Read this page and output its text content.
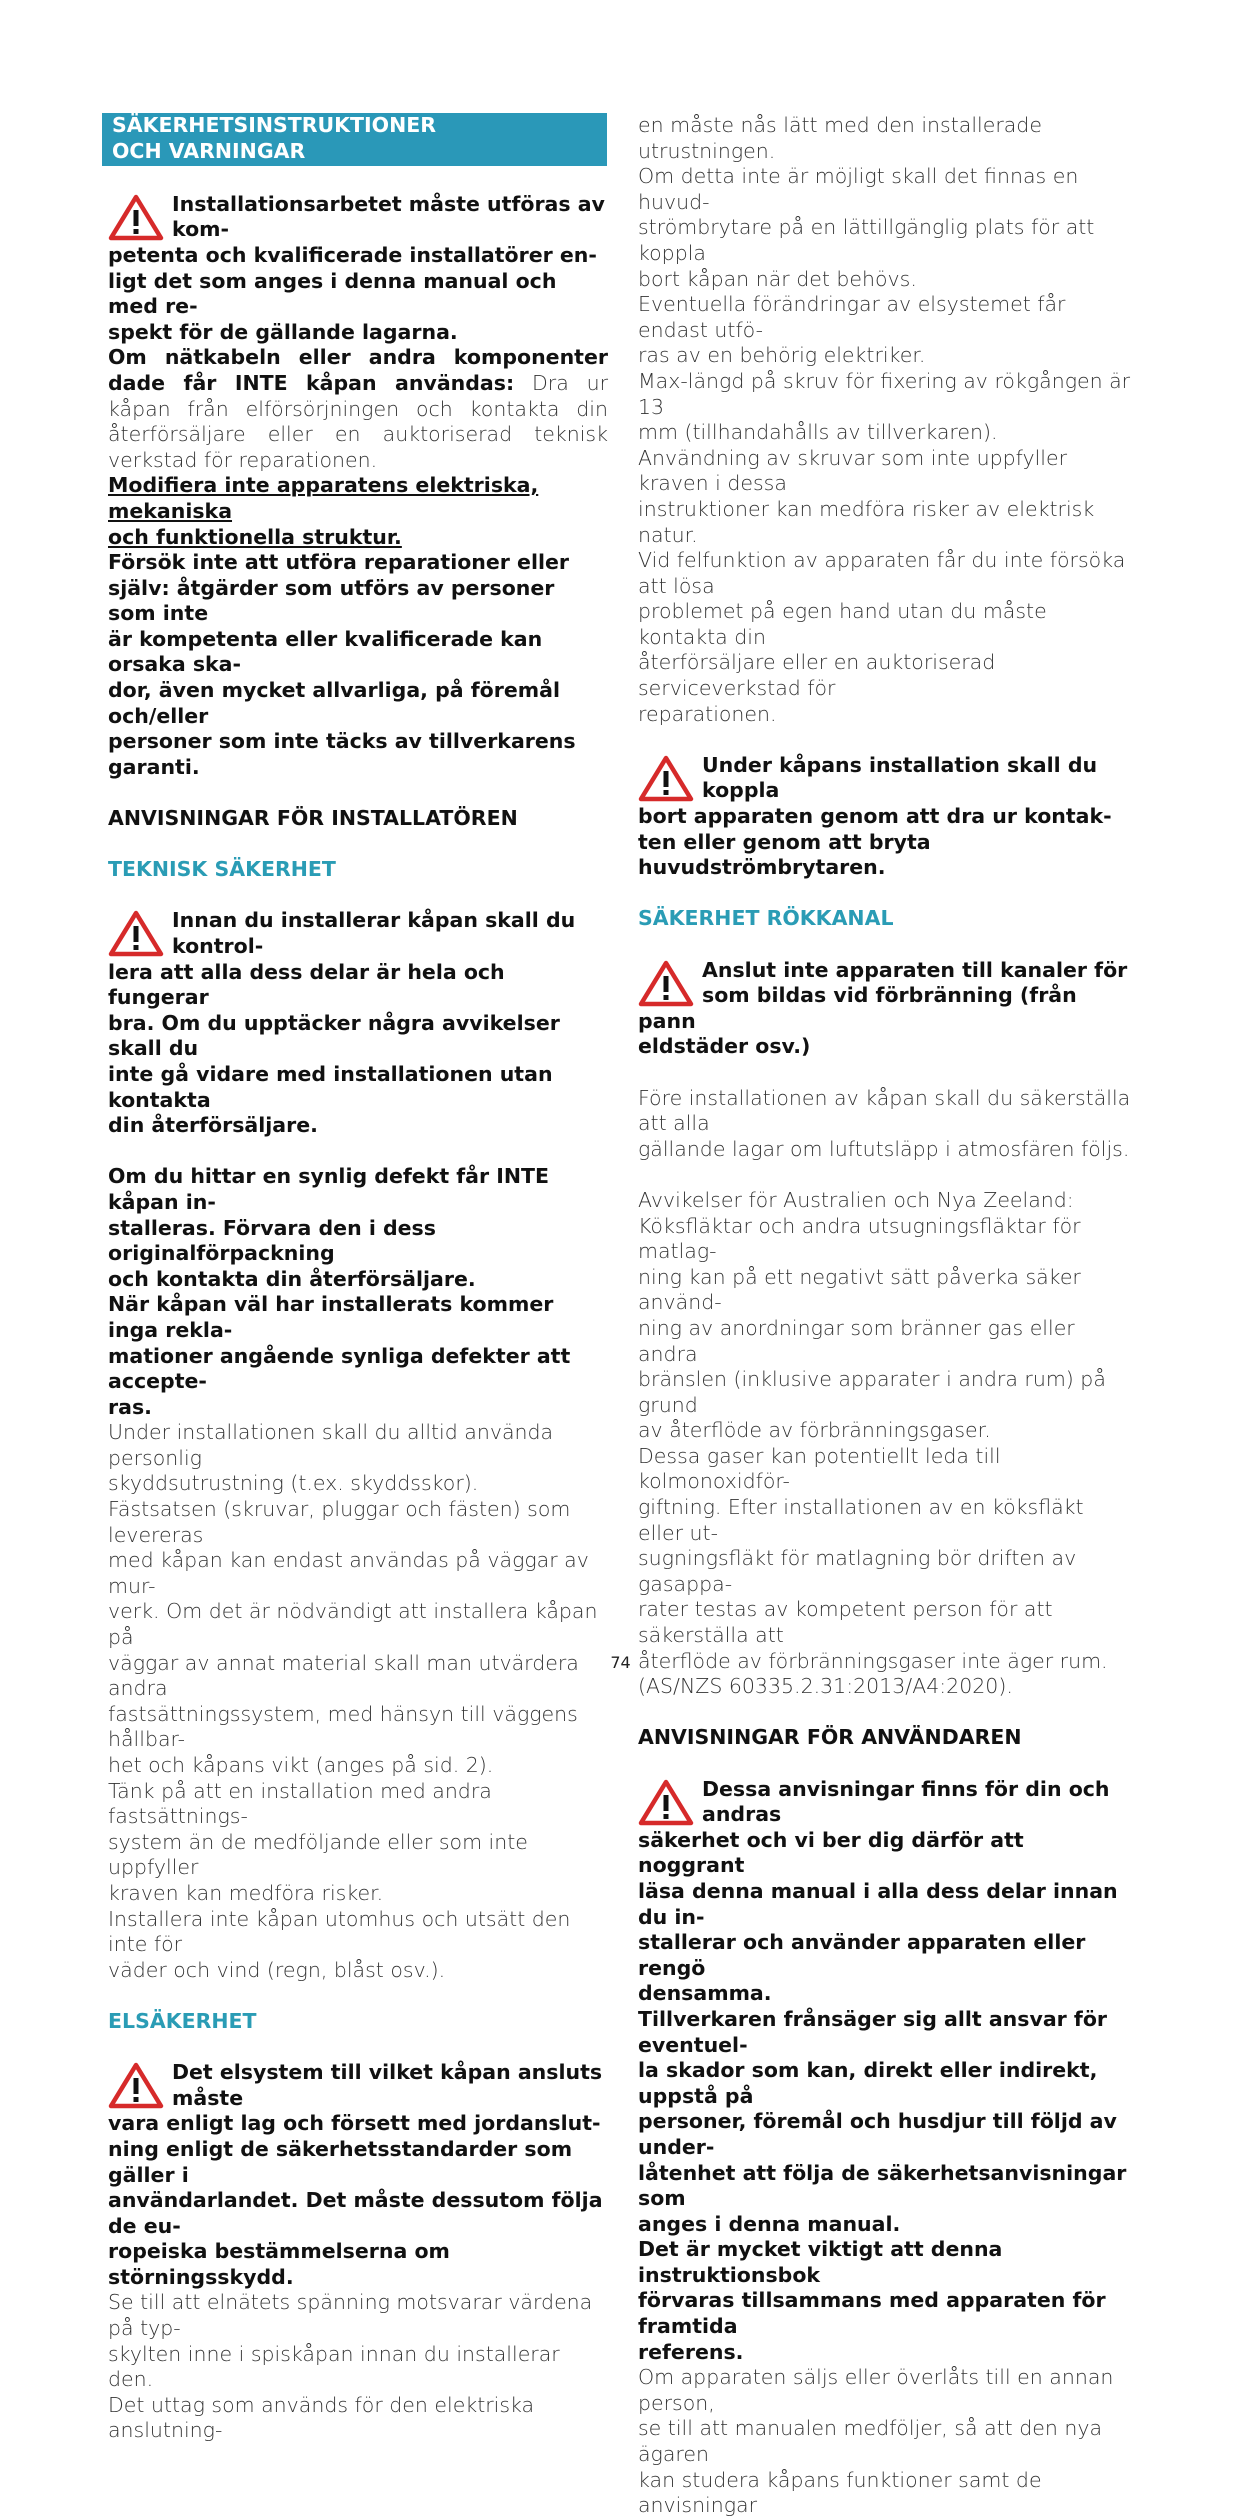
SÄKERHETSINSTRUKTIONER
OCH VARNINGAR

Installationsarbetet måste utföras av kom-

petenta och kvalificerade installatörer en-

ligt det som anges i denna manual och med re-

spekt för de gällande lagarna.

Om nätkabeln eller andra komponenter dade får INTE kåpan användas: Dra ur kåpan från elförsörjningen och kontakta din återförsäljare eller en auktoriserad teknisk verkstad för reparationen.

Modifiera inte apparatens elektriska, mekaniska

och funktionella struktur.

Försök inte att utföra reparationer eller

själv: åtgärder som utförs av personer som inte

är kompetenta eller kvalificerade kan orsaka ska-

dor, även mycket allvarliga, på föremål och/eller

personer som inte täcks av tillverkarens garanti.

ANVISNINGAR FÖR INSTALLATÖREN

TEKNISK SÄKERHET

Innan du installerar kåpan skall du kontrol-

lera att alla dess delar är hela och fungerar

bra. Om du upptäcker några avvikelser skall du

inte gå vidare med installationen utan kontakta

din återförsäljare.

Om du hittar en synlig defekt får INTE kåpan in-

stalleras. Förvara den i dess originalförpackning

och kontakta din återförsäljare.

När kåpan väl har installerats kommer inga rekla-

mationer angående synliga defekter att accepte-

ras.

Under installationen skall du alltid använda personlig

skyddsutrustning (t.ex. skyddsskor).

Fästsatsen (skruvar, pluggar och fästen) som levereras

med kåpan kan endast användas på väggar av mur-

verk. Om det är nödvändigt att installera kåpan på

väggar av annat material skall man utvärdera andra

fastsättningssystem, med hänsyn till väggens hållbar-

het och kåpans vikt (anges på sid. 2).

Tänk på att en installation med andra fastsättnings-

system än de medföljande eller som inte uppfyller

kraven kan medföra risker.

Installera inte kåpan utomhus och utsätt den inte för

väder och vind (regn, blåst osv.).

ELSÄKERHET

Det elsystem till vilket kåpan ansluts måste

vara enligt lag och försett med jordanslut-

ning enligt de säkerhetsstandarder som gäller i

användarlandet. Det måste dessutom följa de eu-

ropeiska bestämmelserna om störningsskydd.

Se till att elnätets spänning motsvarar värdena på typ-

skylten inne i spiskåpan innan du installerar den.

Det uttag som används för den elektriska anslutning-

en måste nås lätt med den installerade utrustningen.

Om detta inte är möjligt skall det finnas en huvud-

strömbrytare på en lättillgänglig plats för att koppla

bort kåpan när det behövs.

Eventuella förändringar av elsystemet får endast utfö-

ras av en behörig elektriker.

Max-längd på skruv för fixering av rökgången är 13

mm (tillhandahålls av tillverkaren).

Användning av skruvar som inte uppfyller kraven i dessa

instruktioner kan medföra risker av elektrisk natur.

Vid felfunktion av apparaten får du inte försöka att lösa

problemet på egen hand utan du måste kontakta din

återförsäljare eller en auktoriserad serviceverkstad för

reparationen.

Under kåpans installation skall du koppla

bort apparaten genom att dra ur kontak-

ten eller genom att bryta huvudströmbrytaren.

SÄKERHET RÖKKANAL

Anslut inte apparaten till kanaler för

som bildas vid förbränning (från pann

eldstäder osv.)

Före installationen av kåpan skall du säkerställa att alla

gällande lagar om luftutsläpp i atmosfären följs.

Avvikelser för Australien och Nya Zeeland:

Köksfläktar och andra utsugningsfläktar för matlag-

ning kan på ett negativt sätt påverka säker använd-

ning av anordningar som bränner gas eller andra

bränslen (inklusive apparater i andra rum) på grund

av återflöde av förbränningsgaser.

Dessa gaser kan potentiellt leda till kolmonoxidför-

giftning. Efter installationen av en köksfläkt eller ut-

sugningsfläkt för matlagning bör driften av gasappa-

rater testas av kompetent person för att säkerställa att

återflöde av förbränningsgaser inte äger rum.

(AS/NZS 60335.2.31:2013/A4:2020).

ANVISNINGAR FÖR ANVÄNDAREN

Dessa anvisningar finns för din och andras

säkerhet och vi ber dig därför att noggrant

läsa denna manual i alla dess delar innan du in-

stallerar och använder apparaten eller rengö

densamma.

Tillverkaren frånsäger sig allt ansvar för eventuel-

la skador som kan, direkt eller indirekt, uppstå på

personer, föremål och husdjur till följd av under-

låtenhet att följa de säkerhetsanvisningar som

anges i denna manual.

Det är mycket viktigt att denna instruktionsbok

förvaras tillsammans med apparaten för framtida

referens.

Om apparaten säljs eller överlåts till en annan person,

se till att manualen medföljer, så att den nya ägaren

kan studera kåpans funktioner samt de anvisningar

74
